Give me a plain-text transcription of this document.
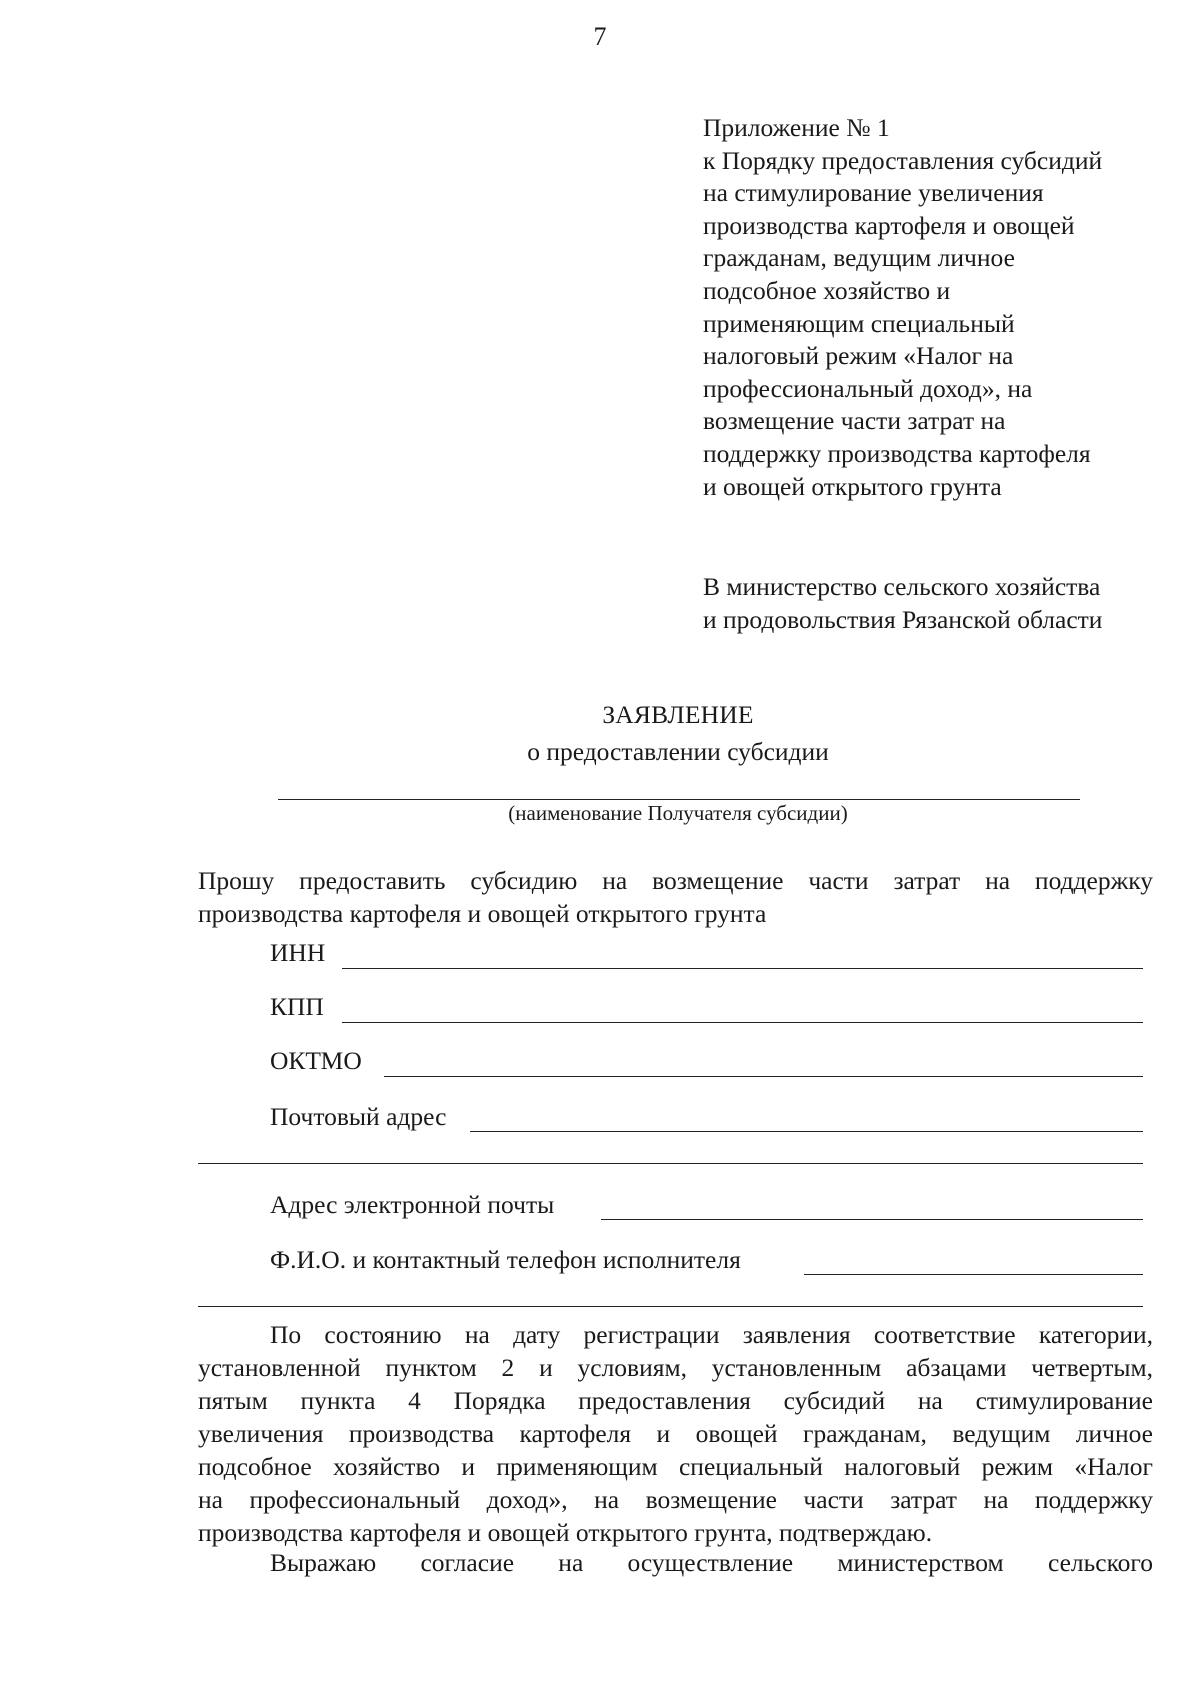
7
Приложение № 1
к Порядку предоставления субсидий
на стимулирование увеличения
производства картофеля и овощей
гражданам, ведущим личное
подсобное хозяйство и
применяющим специальный
налоговый режим «Налог на
профессиональный доход», на
возмещение части затрат на
поддержку производства картофеля
и овощей открытого грунта
В министерство сельского хозяйства
и продовольствия Рязанской области
ЗАЯВЛЕНИЕ
о предоставлении субсидии
(наименование Получателя субсидии)
Прошу предоставить субсидию на возмещение части затрат на поддержку
производства картофеля и овощей открытого грунта
ИНН
КПП
ОКТМО
Почтовый адрес
Адрес электронной почты
Ф.И.О. и контактный телефон исполнителя
По состоянию на дату регистрации заявления соответствие категории,
установленной пунктом 2 и условиям, установленным абзацами четвертым,
пятым пункта 4 Порядка предоставления субсидий на стимулирование
увеличения производства картофеля и овощей гражданам, ведущим личное
подсобное хозяйство и применяющим специальный налоговый режим «Налог
на профессиональный доход», на возмещение части затрат на поддержку
производства картофеля и овощей открытого грунта, подтверждаю.
Выражаю согласие на осуществление министерством сельского
